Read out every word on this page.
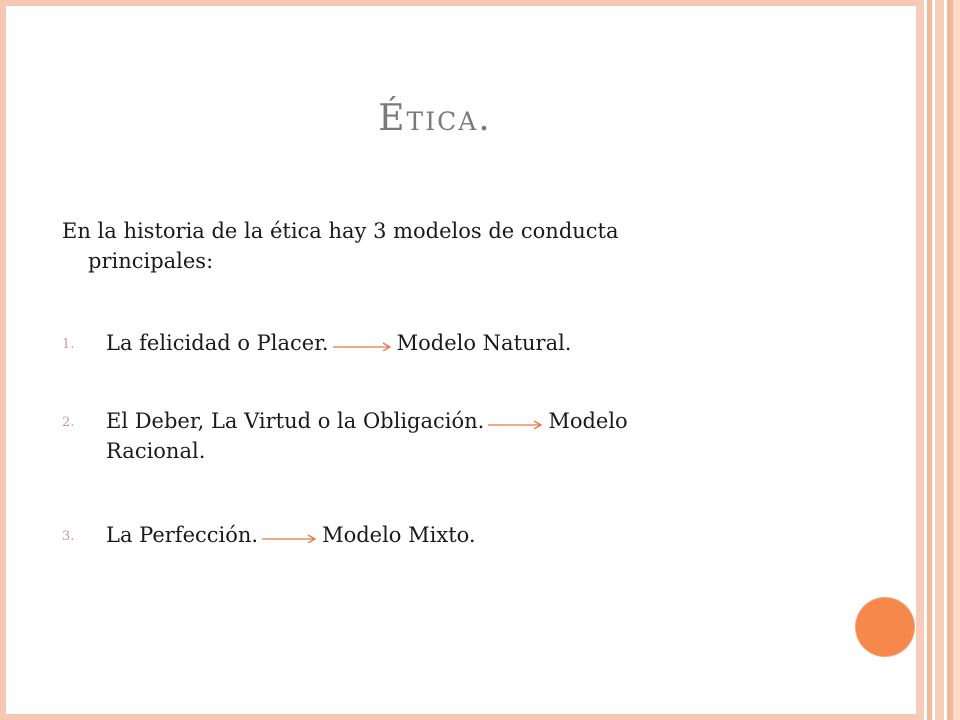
Ética.
En la historia de la ética hay 3 modelos de conducta
principales:
1. La felicidad o Placer.	Modelo Natural.
2. El Deber, La Virtud o la Obligación.	Modelo
Racional.
3. La Perfección.	Modelo Mixto.
